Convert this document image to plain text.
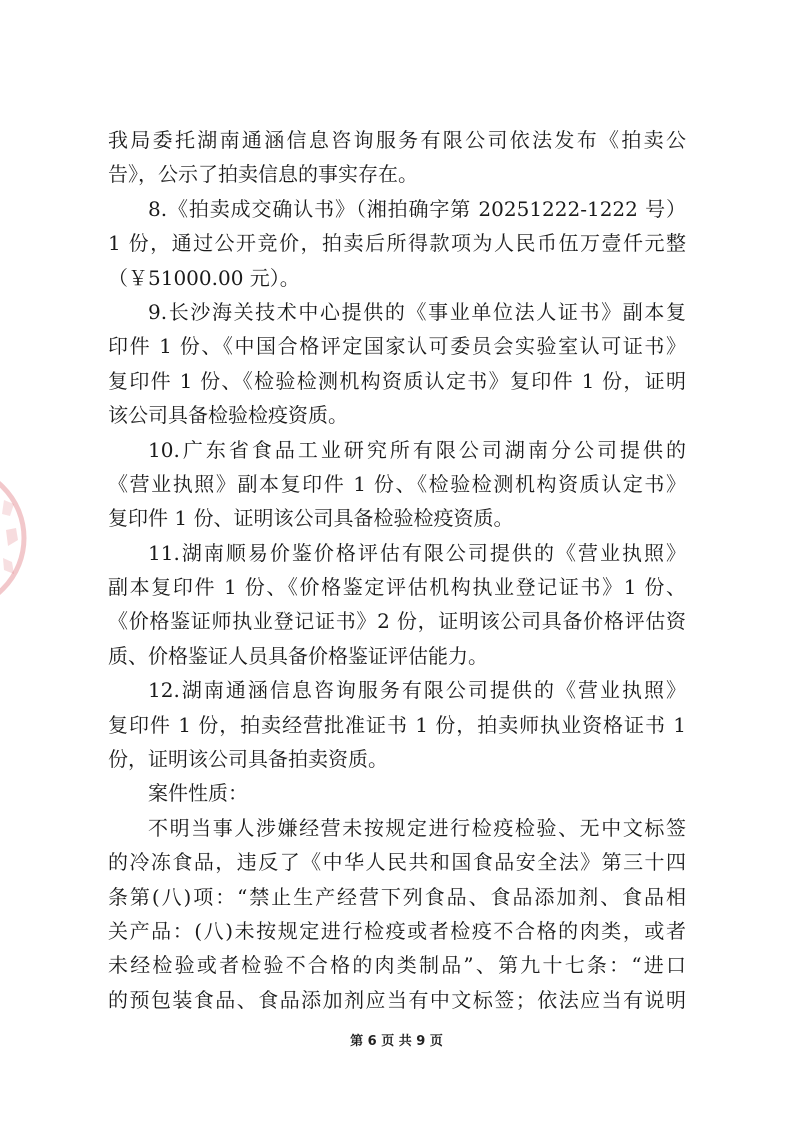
我局委托湖南通涵信息咨询服务有限公司依法发布《拍卖公
告》，公示了拍卖信息的事实存在。
8.《拍卖成交确认书》（湘拍确字第 20251222-1222 号）
1 份，通过公开竞价，拍卖后所得款项为人民币伍万壹仟元整
（￥51000.00 元）。
9.长沙海关技术中心提供的《事业单位法人证书》副本复
印件 1 份、《中国合格评定国家认可委员会实验室认可证书》
复印件 1 份、《检验检测机构资质认定书》复印件 1 份，证明
该公司具备检验检疫资质。
10.广东省食品工业研究所有限公司湖南分公司提供的
《营业执照》副本复印件 1 份、《检验检测机构资质认定书》
复印件 1 份、证明该公司具备检验检疫资质。
11.湖南顺易价鉴价格评估有限公司提供的《营业执照》
副本复印件 1 份、《价格鉴定评估机构执业登记证书》1 份、
《价格鉴证师执业登记证书》2 份，证明该公司具备价格评估资
质、价格鉴证人员具备价格鉴证评估能力。
12.湖南通涵信息咨询服务有限公司提供的《营业执照》
复印件 1 份，拍卖经营批准证书 1 份，拍卖师执业资格证书 1
份，证明该公司具备拍卖资质。
案件性质：
不明当事人涉嫌经营未按规定进行检疫检验、无中文标签
的冷冻食品，违反了《中华人民共和国食品安全法》第三十四
条第(八)项：“禁止生产经营下列食品、食品添加剂、食品相
关产品：(八)未按规定进行检疫或者检疫不合格的肉类，或者
未经检验或者检验不合格的肉类制品”、第九十七条：“进口
的预包装食品、食品添加剂应当有中文标签；依法应当有说明
第 6 页 共 9 页
